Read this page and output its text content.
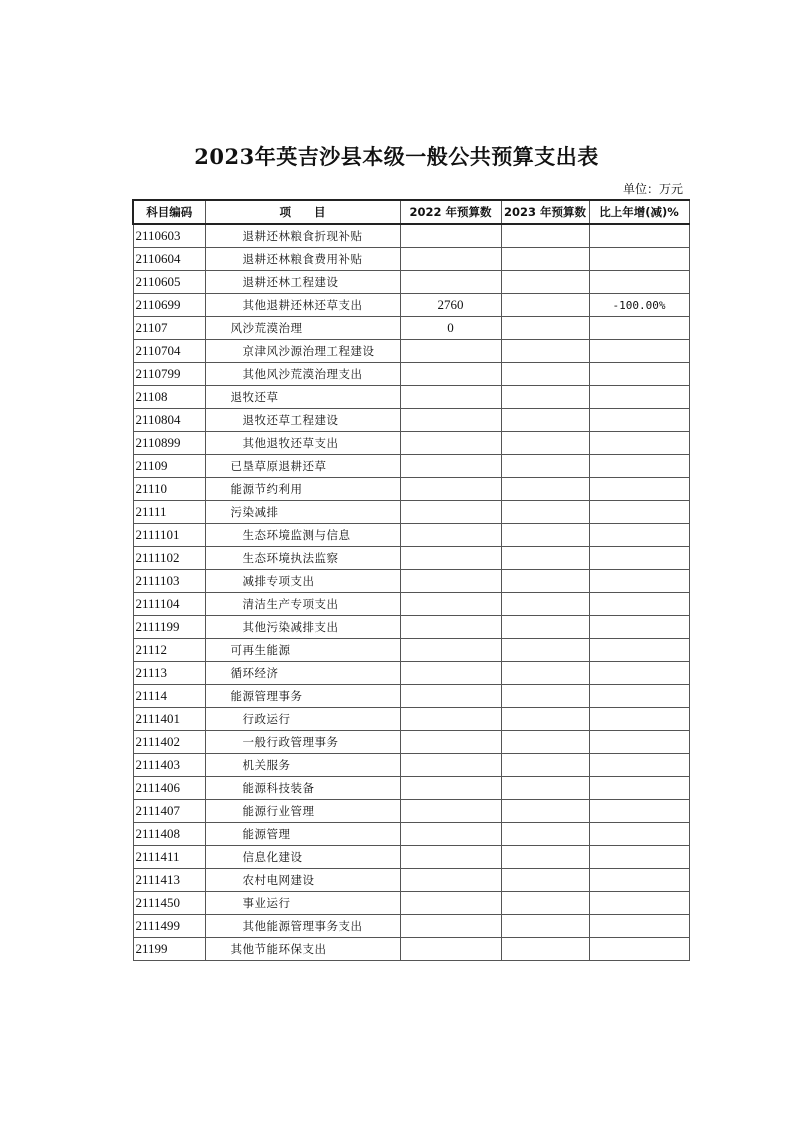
2023年英吉沙县本级一般公共预算支出表
单位：万元
科目编码	项　　目	2022 年预算数	2023 年预算数	比上年增(减)%
2110603	退耕还林粮食折现补贴			
2110604	退耕还林粮食费用补贴			
2110605	退耕还林工程建设			
2110699	其他退耕还林还草支出	2760		-100.00%
21107	风沙荒漠治理	0		
2110704	京津风沙源治理工程建设			
2110799	其他风沙荒漠治理支出			
21108	退牧还草			
2110804	退牧还草工程建设			
2110899	其他退牧还草支出			
21109	已垦草原退耕还草			
21110	能源节约利用			
21111	污染减排			
2111101	生态环境监测与信息			
2111102	生态环境执法监察			
2111103	减排专项支出			
2111104	清洁生产专项支出			
2111199	其他污染减排支出			
21112	可再生能源			
21113	循环经济			
21114	能源管理事务			
2111401	行政运行			
2111402	一般行政管理事务			
2111403	机关服务			
2111406	能源科技装备			
2111407	能源行业管理			
2111408	能源管理			
2111411	信息化建设			
2111413	农村电网建设			
2111450	事业运行			
2111499	其他能源管理事务支出			
21199	其他节能环保支出			
